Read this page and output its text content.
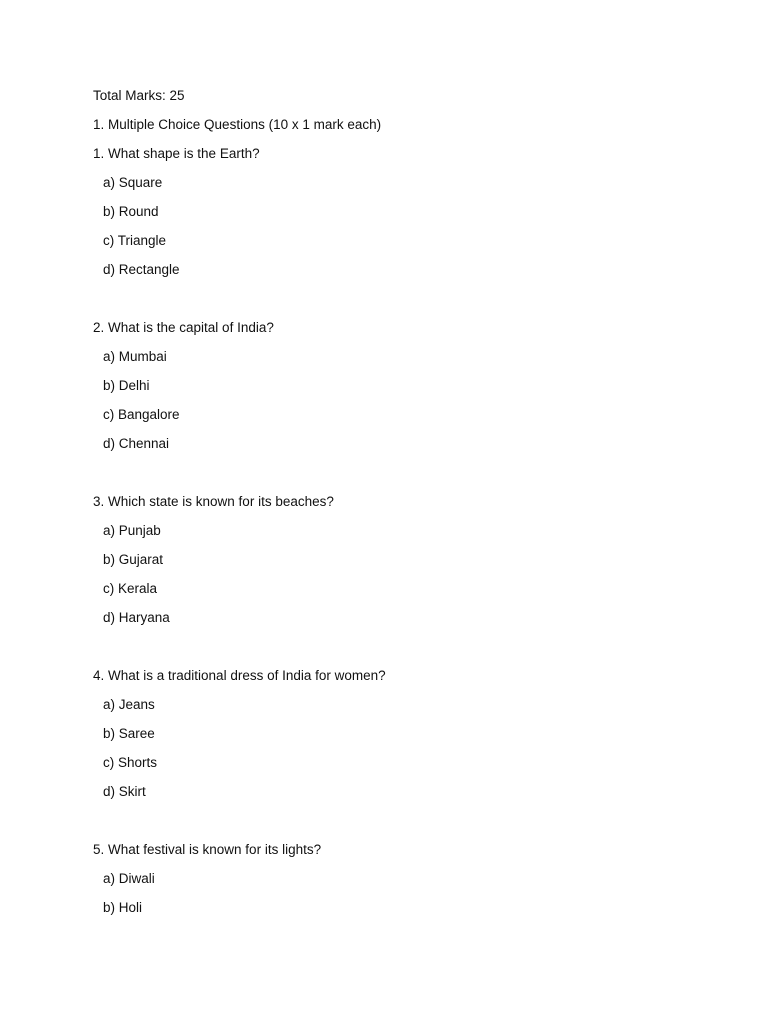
Total Marks: 25
1. Multiple Choice Questions (10 x 1 mark each)
1. What shape is the Earth?
a) Square
b) Round
c) Triangle
d) Rectangle
2. What is the capital of India?
a) Mumbai
b) Delhi
c) Bangalore
d) Chennai
3. Which state is known for its beaches?
a) Punjab
b) Gujarat
c) Kerala
d) Haryana
4. What is a traditional dress of India for women?
a) Jeans
b) Saree
c) Shorts
d) Skirt
5. What festival is known for its lights?
a) Diwali
b) Holi
